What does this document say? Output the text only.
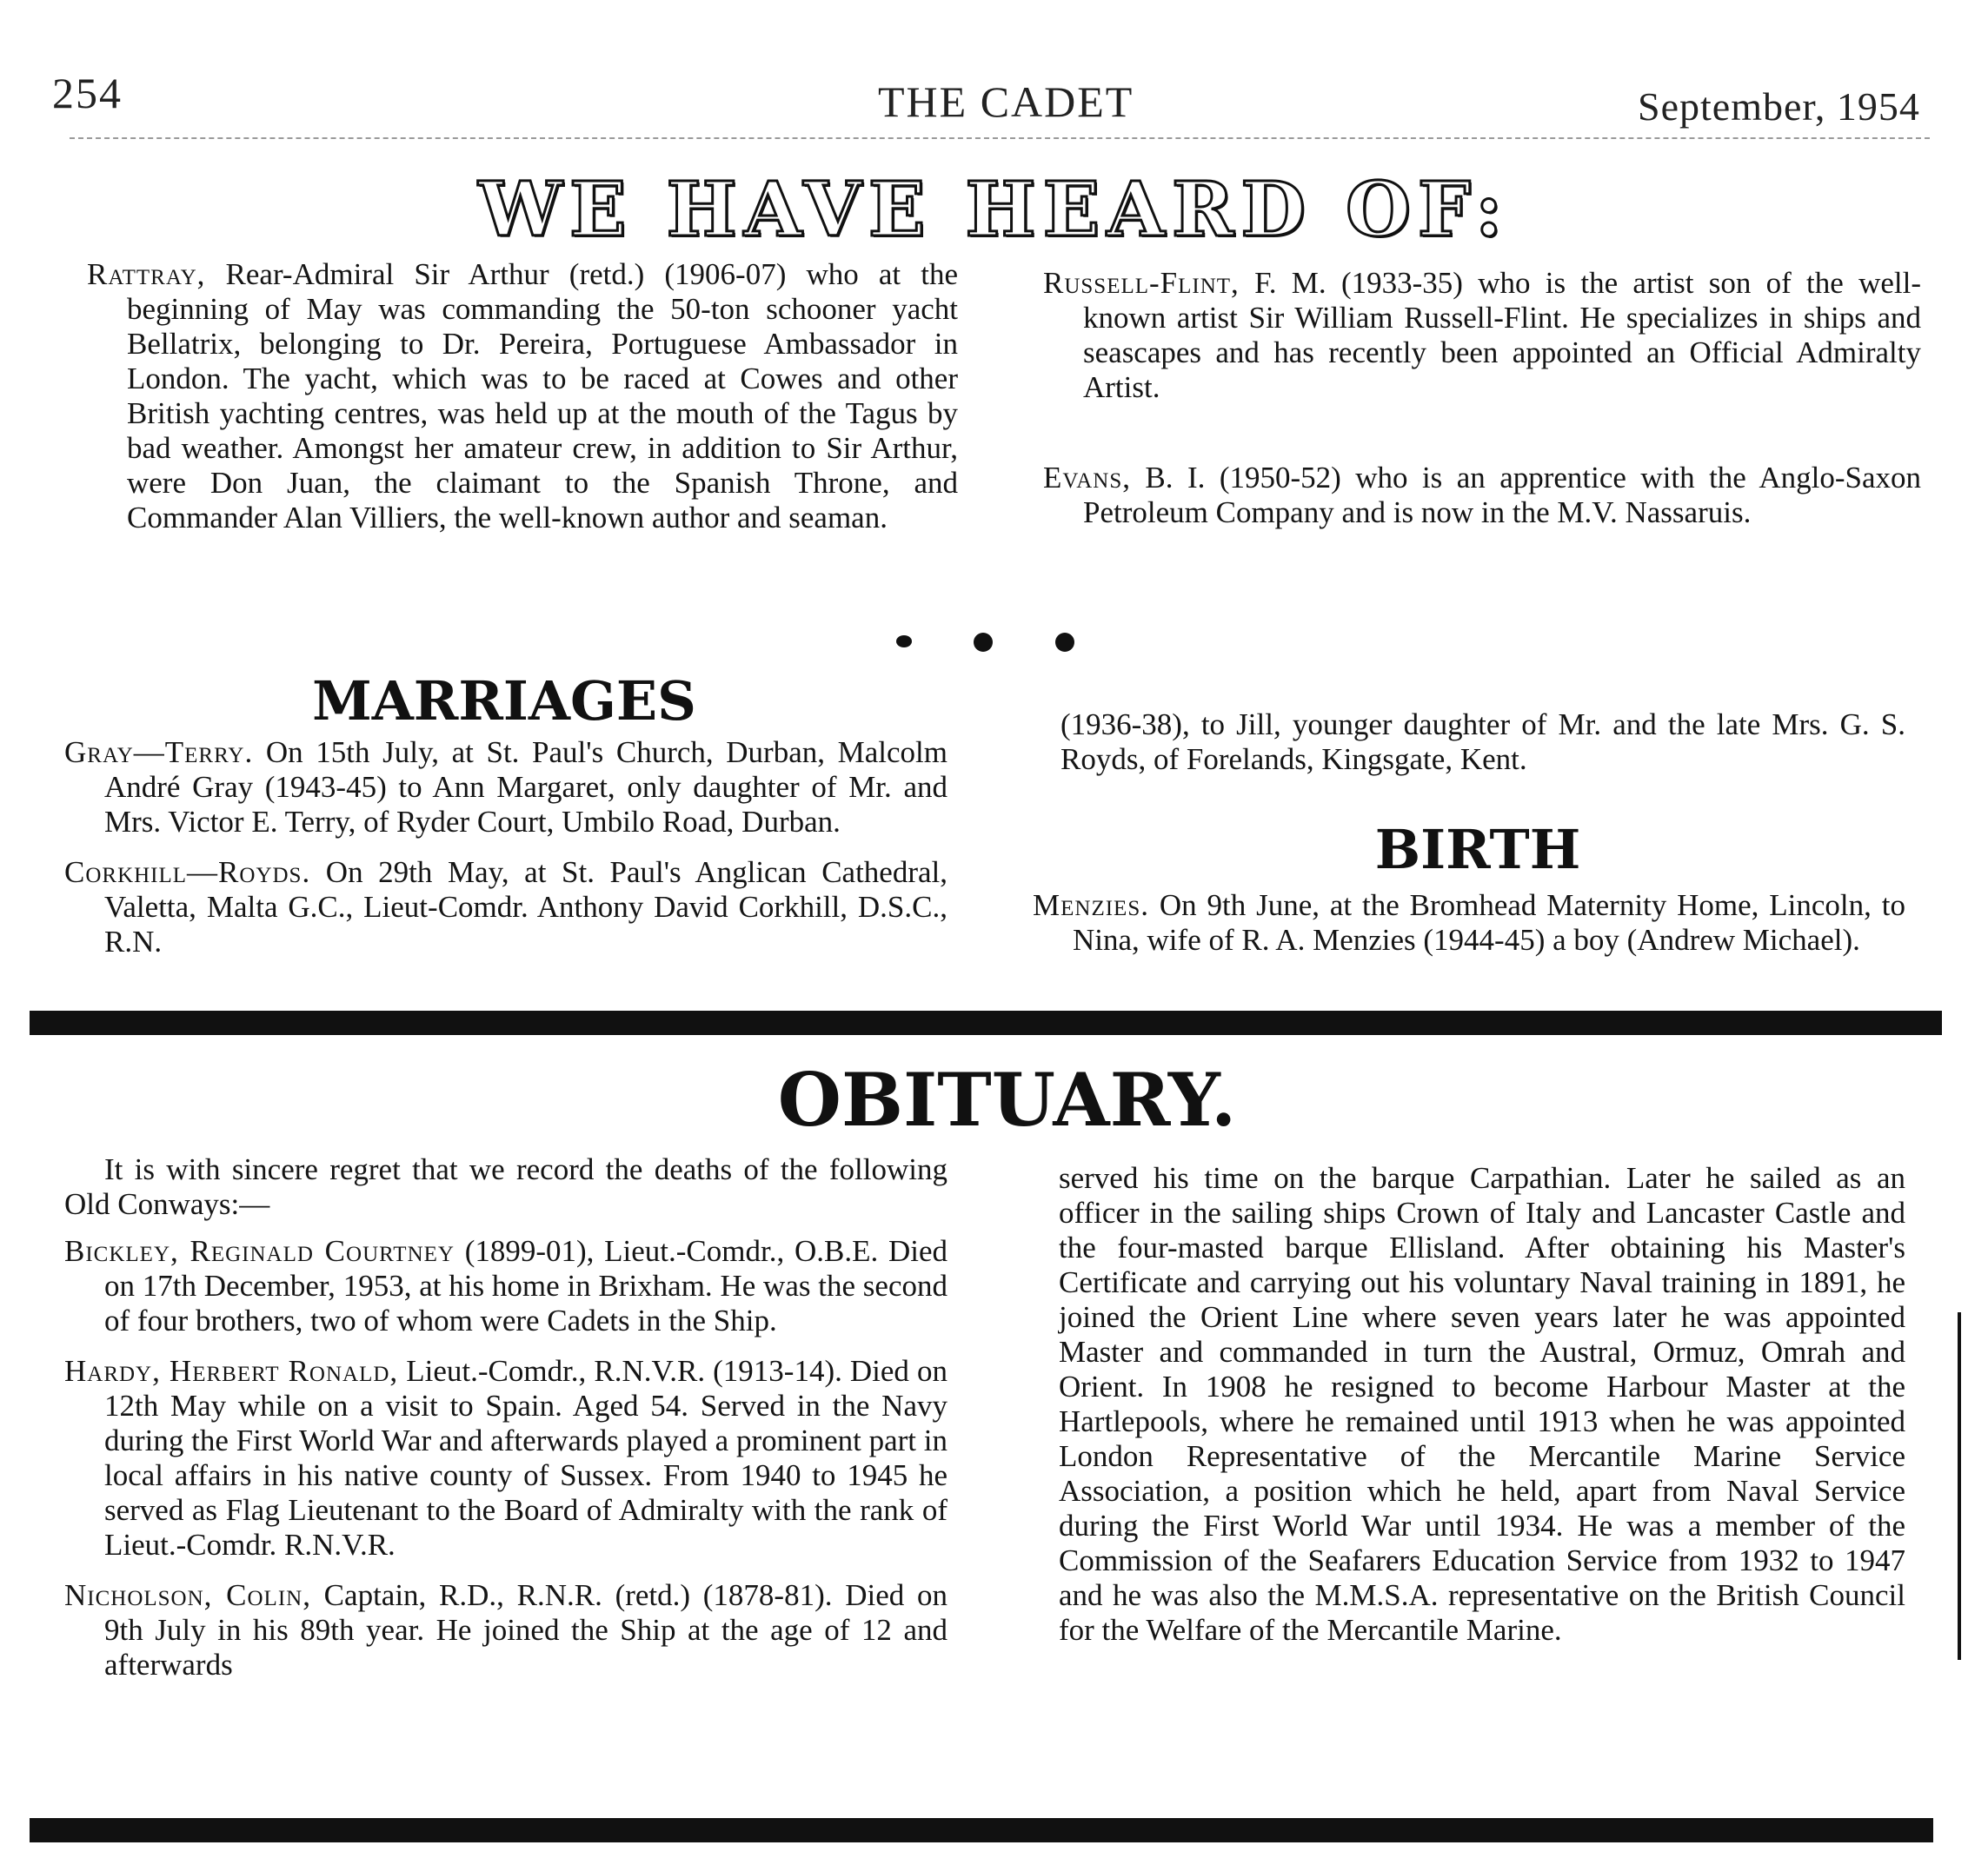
254	THE CADET	September, 1954
WE HAVE HEARD OF:

Rattray, Rear-Admiral Sir Arthur (retd.) (1906-07) who at the beginning of May was commanding the 50-ton schooner yacht Bellatrix, belonging to Dr. Pereira, Portuguese Ambassador in London. The yacht, which was to be raced at Cowes and other British yachting centres, was held up at the mouth of the Tagus by bad weather. Amongst her amateur crew, in addition to Sir Arthur, were Don Juan, the claimant to the Spanish Throne, and Commander Alan Villiers, the well-known author and seaman.

Russell-Flint, F. M. (1933-35) who is the artist son of the well-known artist Sir William Russell-Flint. He specializes in ships and seascapes and has recently been appointed an Official Admiralty Artist.

Evans, B. I. (1950-52) who is an apprentice with the Anglo-Saxon Petroleum Company and is now in the M.V. Nassaruis.

MARRIAGES

Gray—Terry. On 15th July, at St. Paul's Church, Durban, Malcolm André Gray (1943-45) to Ann Margaret, only daughter of Mr. and Mrs. Victor E. Terry, of Ryder Court, Umbilo Road, Durban.

Corkhill—Royds. On 29th May, at St. Paul's Anglican Cathedral, Valetta, Malta G.C., Lieut-Comdr. Anthony David Corkhill, D.S.C., R.N.

(1936-38), to Jill, younger daughter of Mr. and the late Mrs. G. S. Royds, of Forelands, Kingsgate, Kent.

BIRTH

Menzies. On 9th June, at the Bromhead Maternity Home, Lincoln, to Nina, wife of R. A. Menzies (1944-45) a boy (Andrew Michael).

OBITUARY.

It is with sincere regret that we record the deaths of the following Old Conways:—

Bickley, Reginald Courtney (1899-01), Lieut.-Comdr., O.B.E. Died on 17th December, 1953, at his home in Brixham. He was the second of four brothers, two of whom were Cadets in the Ship.

Hardy, Herbert Ronald, Lieut.-Comdr., R.N.V.R. (1913-14). Died on 12th May while on a visit to Spain. Aged 54. Served in the Navy during the First World War and afterwards played a prominent part in local affairs in his native county of Sussex. From 1940 to 1945 he served as Flag Lieutenant to the Board of Admiralty with the rank of Lieut.-Comdr. R.N.V.R.

Nicholson, Colin, Captain, R.D., R.N.R. (retd.) (1878-81). Died on 9th July in his 89th year. He joined the Ship at the age of 12 and afterwards

served his time on the barque Carpathian. Later he sailed as an officer in the sailing ships Crown of Italy and Lancaster Castle and the four-masted barque Ellisland. After obtaining his Master's Certificate and carrying out his voluntary Naval training in 1891, he joined the Orient Line where seven years later he was appointed Master and commanded in turn the Austral, Ormuz, Omrah and Orient. In 1908 he resigned to become Harbour Master at the Hartlepools, where he remained until 1913 when he was appointed London Representative of the Mercantile Marine Service Association, a position which he held, apart from Naval Service during the First World War until 1934. He was a member of the Commission of the Seafarers Education Service from 1932 to 1947 and he was also the M.M.S.A. representative on the British Council for the Welfare of the Mercantile Marine.
